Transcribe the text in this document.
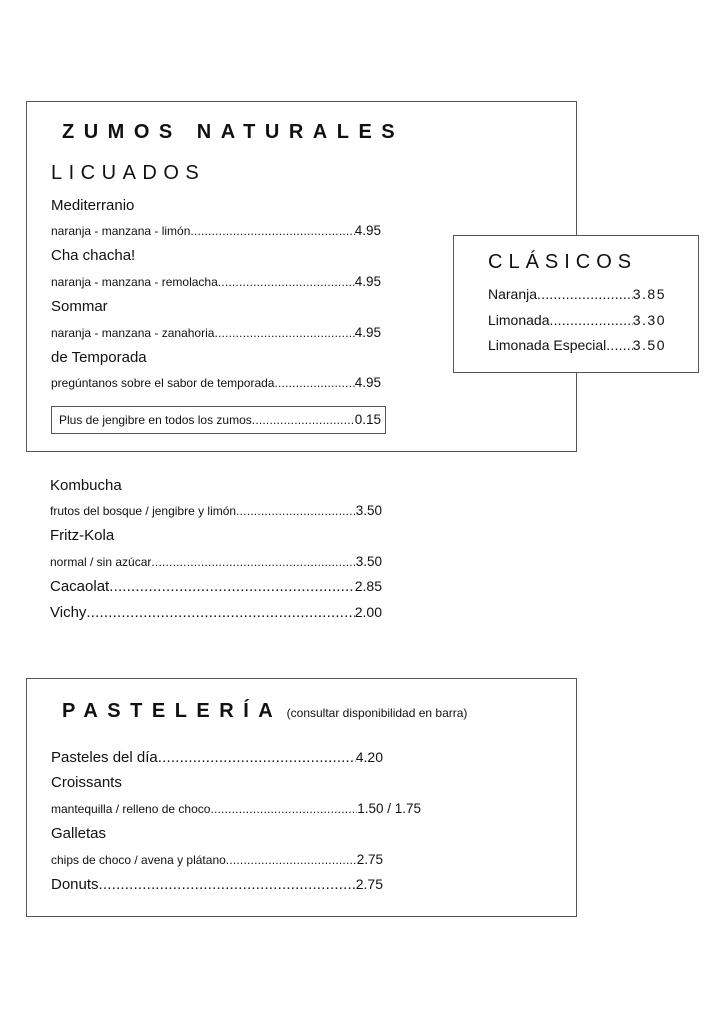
ZUMOS NATURALES
LICUADOS
Mediterranio
naranja - manzana - limón .....	4.95
Cha chacha!
naranja - manzana - remolacha .....	4.95
Sommar
naranja - manzana - zanahoria .....	4.95
de Temporada
pregúntanos sobre el sabor de temporada .....	4.95
Plus de jengibre en todos los zumos .....	0.15
CLÁSICOS
Naranja .....	3.85
Limonada .....	3.30
Limonada Especial ..... 3.50
Kombucha
frutos del bosque / jengibre y limón .....	3.50
Fritz-Kola
normal / sin azúcar .....	3.50
Cacaolat .....	2.85
Vichy .....	2.00
PASTELERÍA (consultar disponibilidad en barra)
Pasteles del día .....	4.20
Croissants
mantequilla / relleno de choco .....	1.50 / 1.75
Galletas
chips de choco / avena y plátano .....	2.75
Donuts .....	2.75
